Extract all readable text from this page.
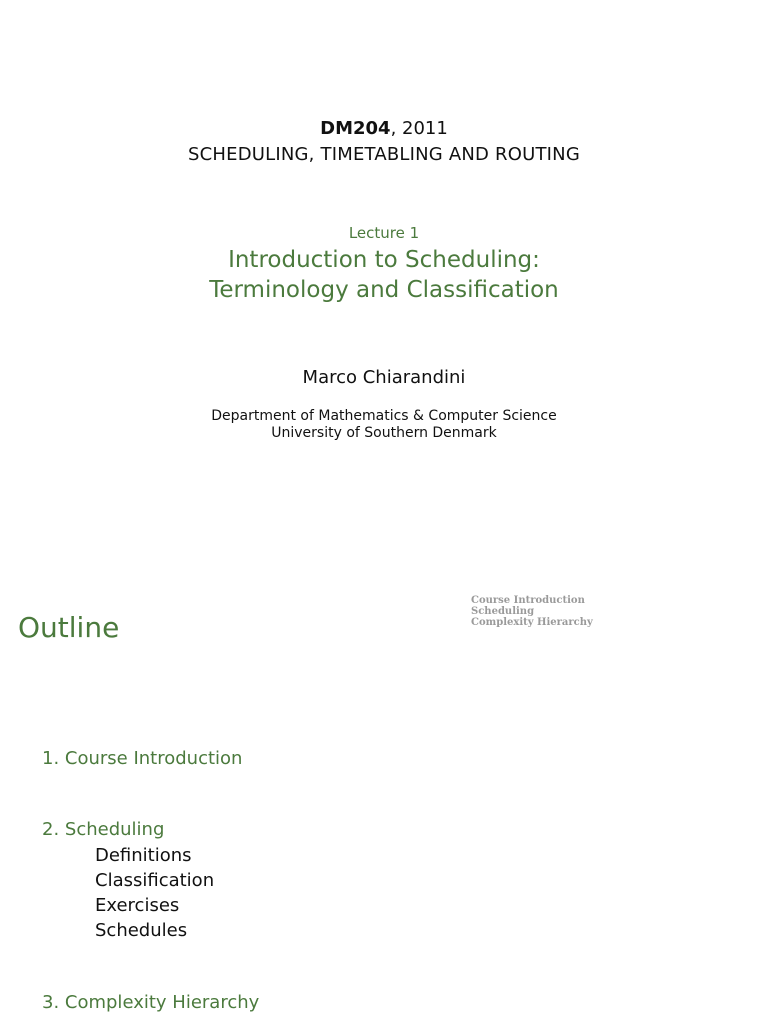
DM204, 2011
SCHEDULING, TIMETABLING AND ROUTING
Lecture 1
Introduction to Scheduling:
Terminology and Classification
Marco Chiarandini
Department of Mathematics & Computer Science
University of Southern Denmark
Course Introduction
Scheduling
Complexity Hierarchy
Outline
1. Course Introduction
2. Scheduling
Definitions
Classification
Exercises
Schedules
3. Complexity Hierarchy
